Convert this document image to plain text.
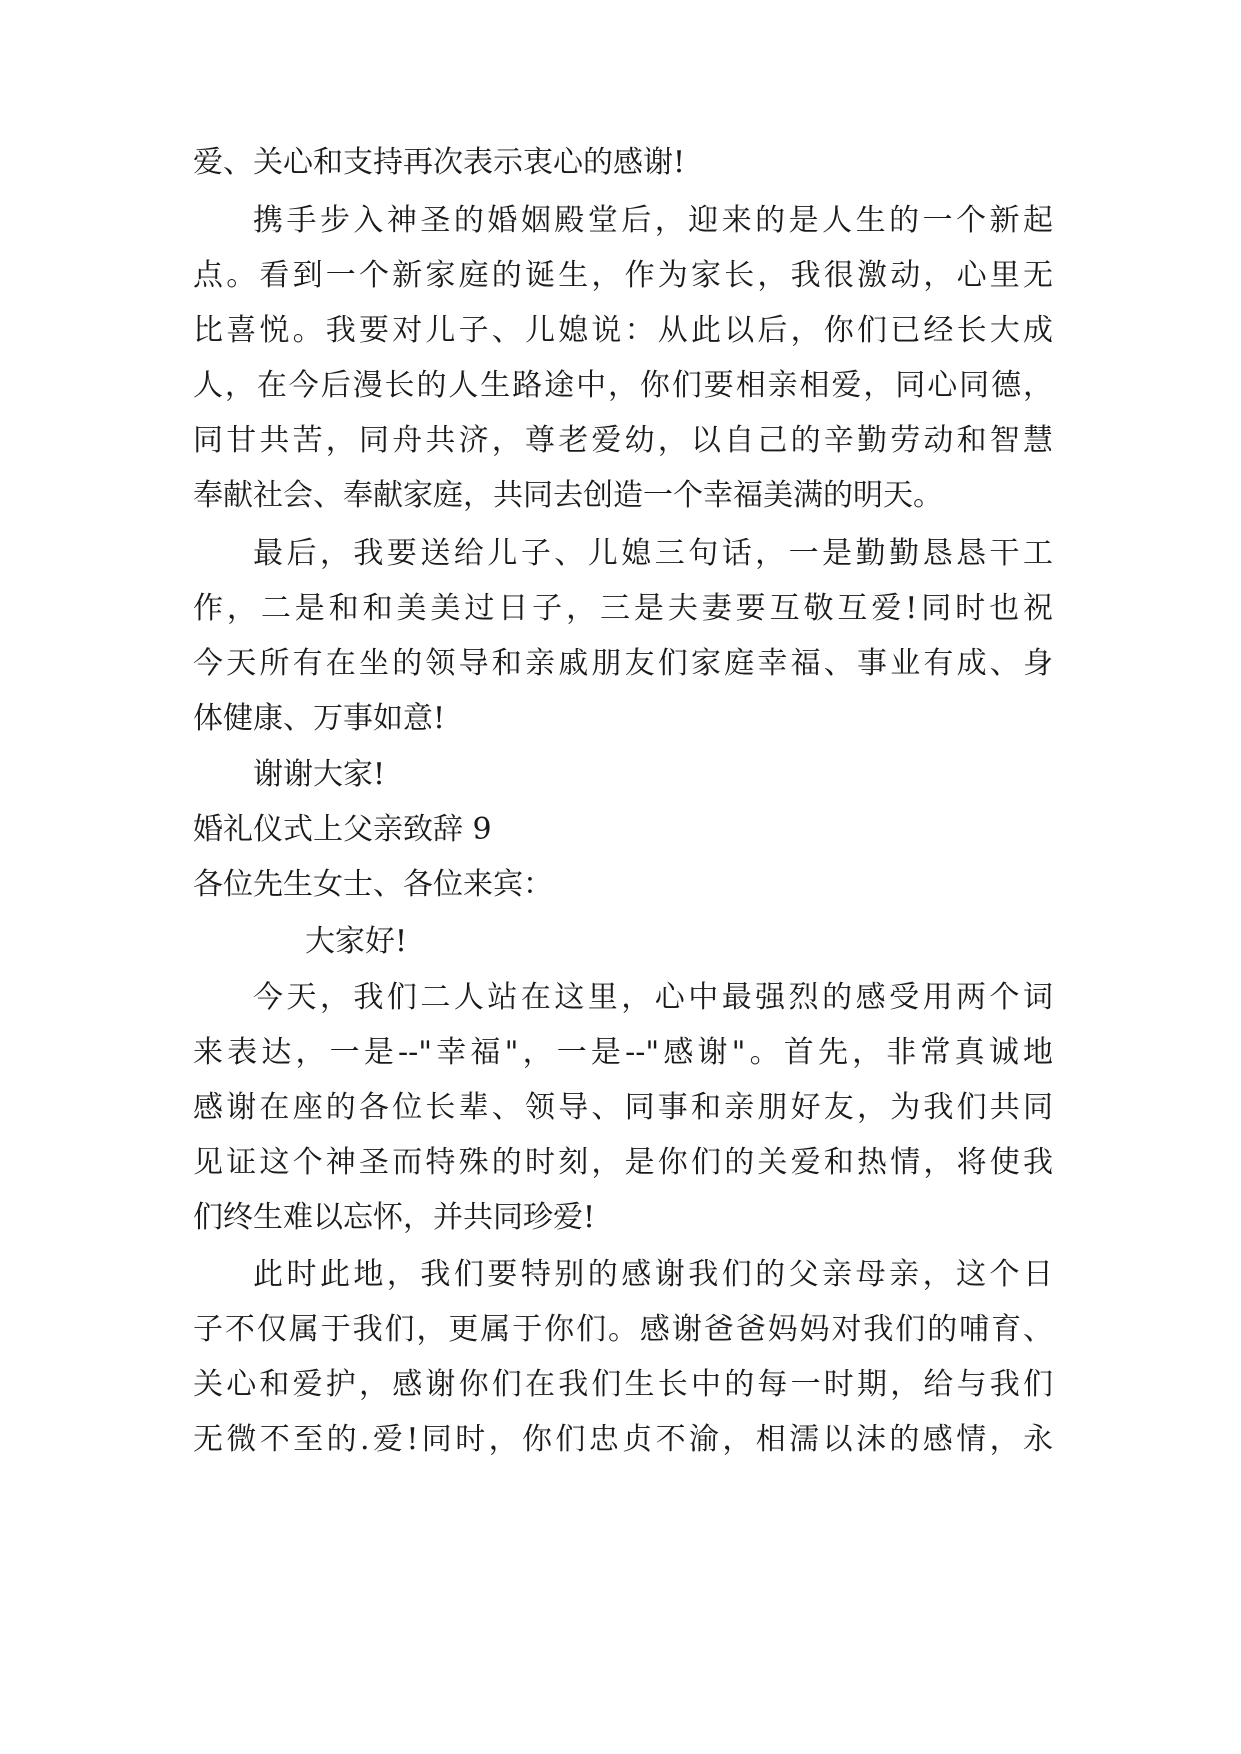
爱、关心和支持再次表示衷心的感谢!

携手步入神圣的婚姻殿堂后，迎来的是人生的一个新起

点。看到一个新家庭的诞生，作为家长，我很激动，心里无

比喜悦。我要对儿子、儿媳说：从此以后，你们已经长大成

人，在今后漫长的人生路途中，你们要相亲相爱，同心同德，

同甘共苦，同舟共济，尊老爱幼，以自己的辛勤劳动和智慧

奉献社会、奉献家庭，共同去创造一个幸福美满的明天。

最后，我要送给儿子、儿媳三句话，一是勤勤恳恳干工

作，二是和和美美过日子，三是夫妻要互敬互爱!同时也祝

今天所有在坐的领导和亲戚朋友们家庭幸福、事业有成、身

体健康、万事如意!

谢谢大家!

婚礼仪式上父亲致辞 9

各位先生女士、各位来宾：

大家好!

今天，我们二人站在这里，心中最强烈的感受用两个词

来表达，一是--"幸福"，一是--"感谢"。首先，非常真诚地

感谢在座的各位长辈、领导、同事和亲朋好友，为我们共同

见证这个神圣而特殊的时刻，是你们的关爱和热情，将使我

们终生难以忘怀，并共同珍爱!

此时此地，我们要特别的感谢我们的父亲母亲，这个日

子不仅属于我们，更属于你们。感谢爸爸妈妈对我们的哺育、

关心和爱护，感谢你们在我们生长中的每一时期，给与我们

无微不至的.爱!同时，你们忠贞不渝，相濡以沫的感情，永
